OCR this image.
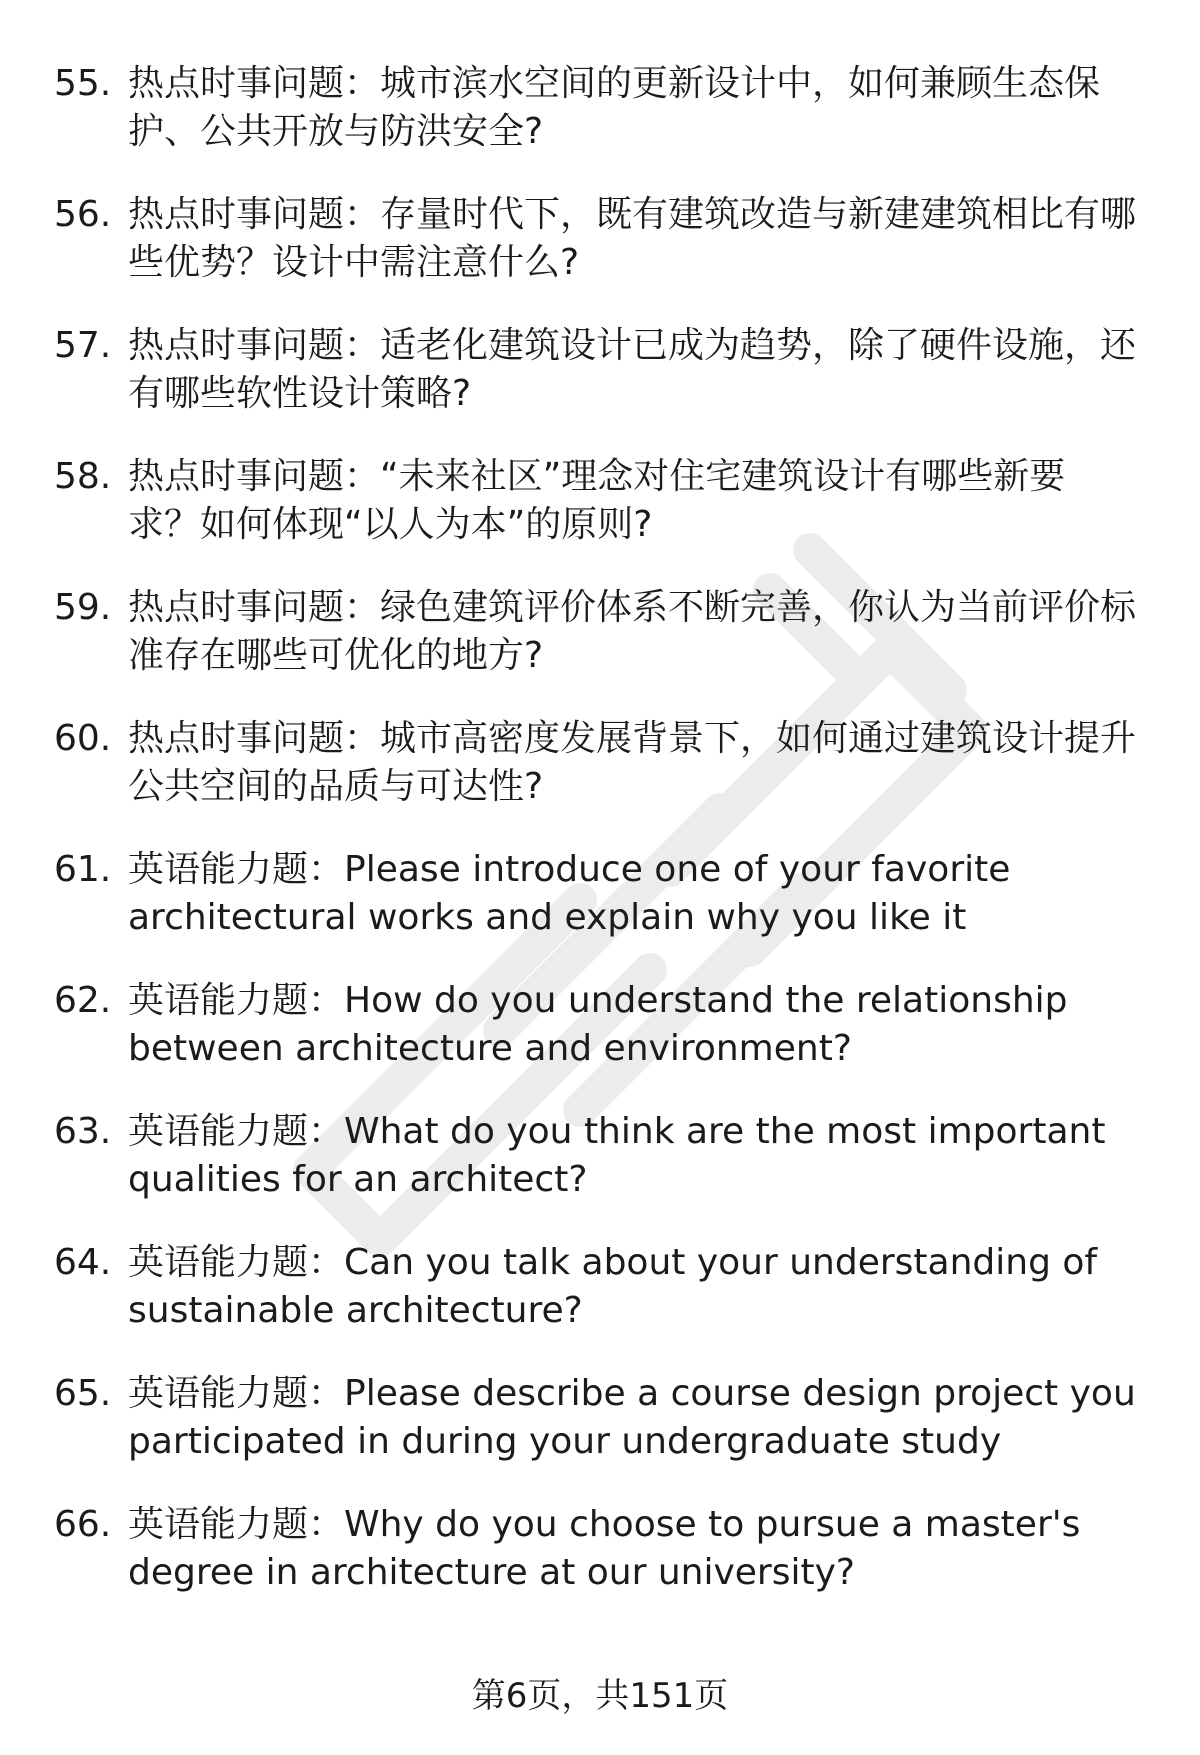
55. 热点时事问题：城市滨水空间的更新设计中，如何兼顾生态保
护、公共开放与防洪安全?
56. 热点时事问题：存量时代下，既有建筑改造与新建建筑相比有哪
些优势？设计中需注意什么?
57. 热点时事问题：适老化建筑设计已成为趋势，除了硬件设施，还
有哪些软性设计策略?
58. 热点时事问题：“未来社区”理念对住宅建筑设计有哪些新要
求？如何体现“以人为本”的原则?
59. 热点时事问题：绿色建筑评价体系不断完善，你认为当前评价标
准存在哪些可优化的地方?
60. 热点时事问题：城市高密度发展背景下，如何通过建筑设计提升
公共空间的品质与可达性?
61. 英语能力题：Please introduce one of your favorite
architectural works and explain why you like it
62. 英语能力题：How do you understand the relationship
between architecture and environment?
63. 英语能力题：What do you think are the most important
qualities for an architect?
64. 英语能力题：Can you talk about your understanding of
sustainable architecture?
65. 英语能力题：Please describe a course design project you
participated in during your undergraduate study
66. 英语能力题：Why do you choose to pursue a master's
degree in architecture at our university?
第6页，共151页
